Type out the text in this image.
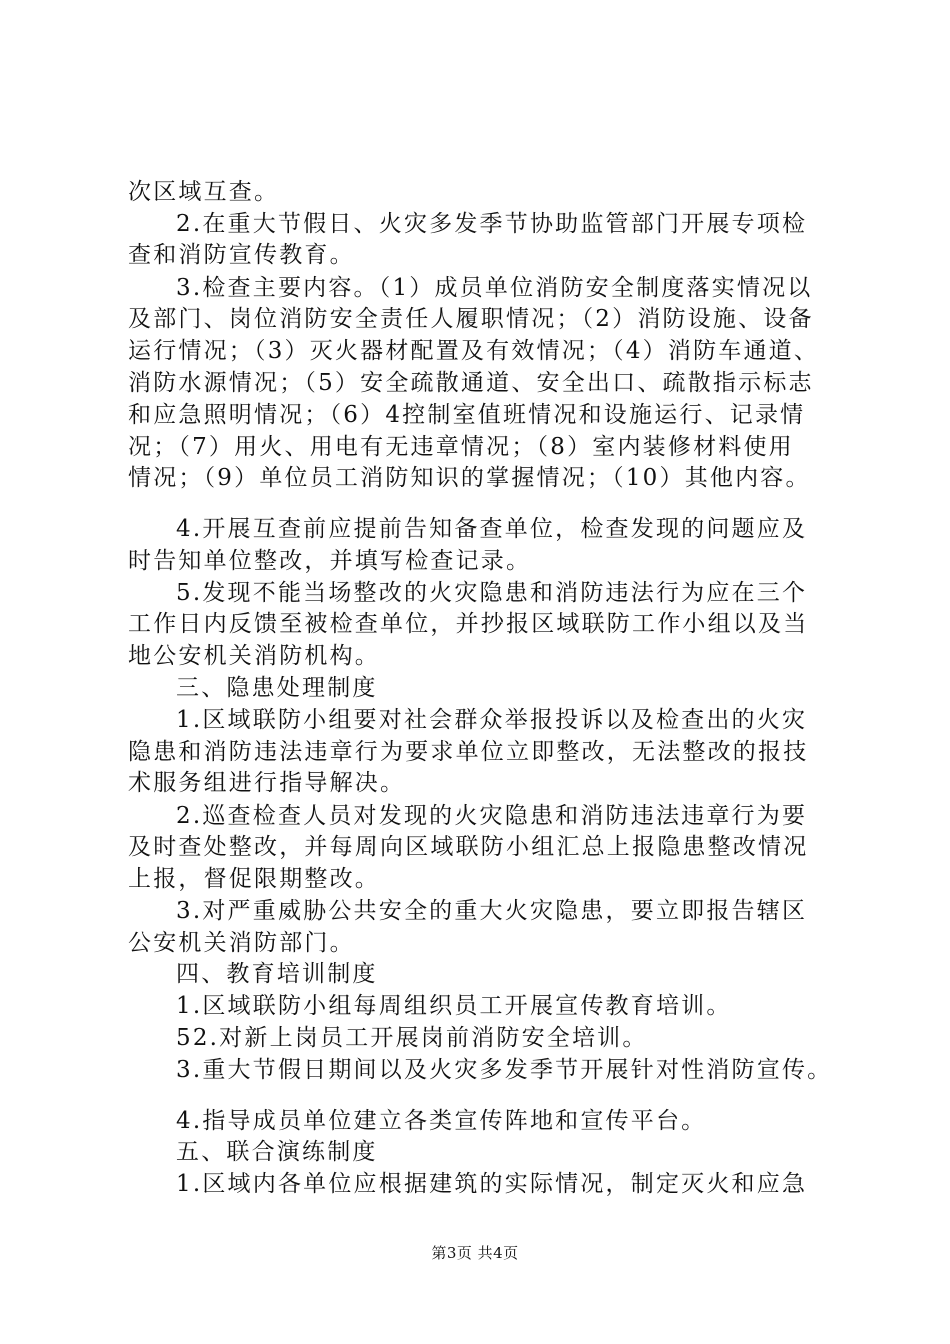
次区域互查。
2.在重大节假日、火灾多发季节协助监管部门开展专项检
查和消防宣传教育。
3.检查主要内容。（1）成员单位消防安全制度落实情况以
及部门、岗位消防安全责任人履职情况；（2）消防设施、设备
运行情况；（3）灭火器材配置及有效情况；（4）消防车通道、
消防水源情况；（5）安全疏散通道、安全出口、疏散指示标志
和应急照明情况；（6）4控制室值班情况和设施运行、记录情
况；（7）用火、用电有无违章情况；（8）室内装修材料使用
情况；（9）单位员工消防知识的掌握情况；（10）其他内容。
4.开展互查前应提前告知备查单位，检查发现的问题应及
时告知单位整改，并填写检查记录。
5.发现不能当场整改的火灾隐患和消防违法行为应在三个
工作日内反馈至被检查单位，并抄报区域联防工作小组以及当
地公安机关消防机构。
三、隐患处理制度
1.区域联防小组要对社会群众举报投诉以及检查出的火灾
隐患和消防违法违章行为要求单位立即整改，无法整改的报技
术服务组进行指导解决。
2.巡查检查人员对发现的火灾隐患和消防违法违章行为要
及时查处整改，并每周向区域联防小组汇总上报隐患整改情况
上报，督促限期整改。
3.对严重威胁公共安全的重大火灾隐患，要立即报告辖区
公安机关消防部门。
四、教育培训制度
1.区域联防小组每周组织员工开展宣传教育培训。
52.对新上岗员工开展岗前消防安全培训。
3.重大节假日期间以及火灾多发季节开展针对性消防宣传。
4.指导成员单位建立各类宣传阵地和宣传平台。
五、联合演练制度
1.区域内各单位应根据建筑的实际情况，制定灭火和应急
第3页 共4页
